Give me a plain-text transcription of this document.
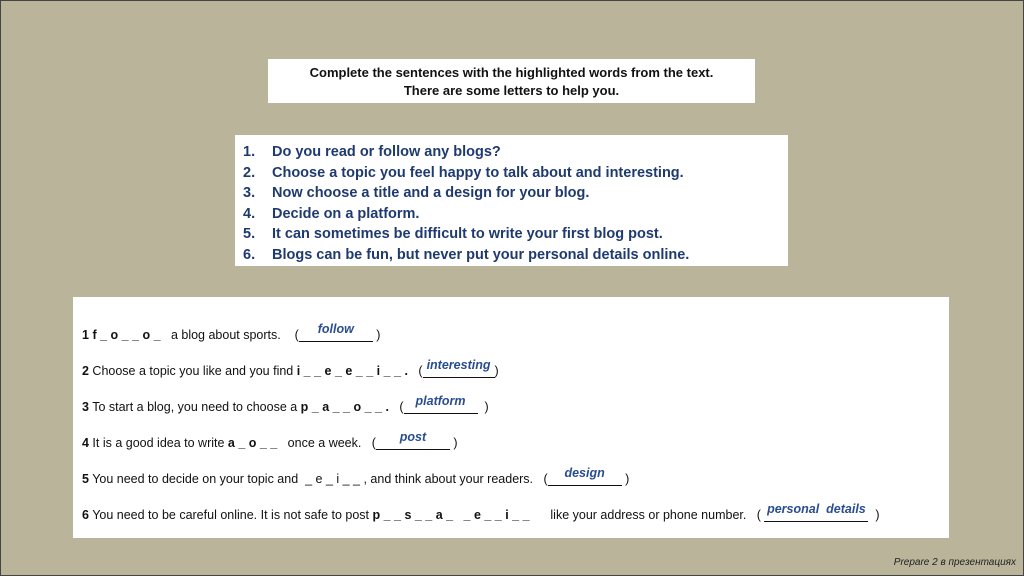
Complete the sentences with the highlighted words from the text.
There are some letters to help you.
1.	Do you read or follow any blogs?
2.	Choose a topic you feel happy to talk about and interesting.
3.	Now choose a title and a design for your blog.
4.	Decide on a platform.
5.	It can sometimes be difficult to write your first blog post.
6.	Blogs can be fun, but never put your personal details online.
1
f _ o _ _ o _ a blog about sports. (	follow	)
2 Choose a topic you like and you find i _ _ e _ e _ _ i _ _ . ( interesting )
3 To start a blog, you need to choose a p _ a _ _ o _ _ . ( platform )
4 It is a good idea to write a _ o _ _ once a week. (	post	)
5 You need to decide on your topic and _ e _ i _ _ , and think about your readers. (	design	)
6 You need to be careful online. It is not safe to post p _ _ s _ _ a _   _ e _ _ i _ _ like your address or phone number. ( personal  details )
Prepare 2 в презентациях
